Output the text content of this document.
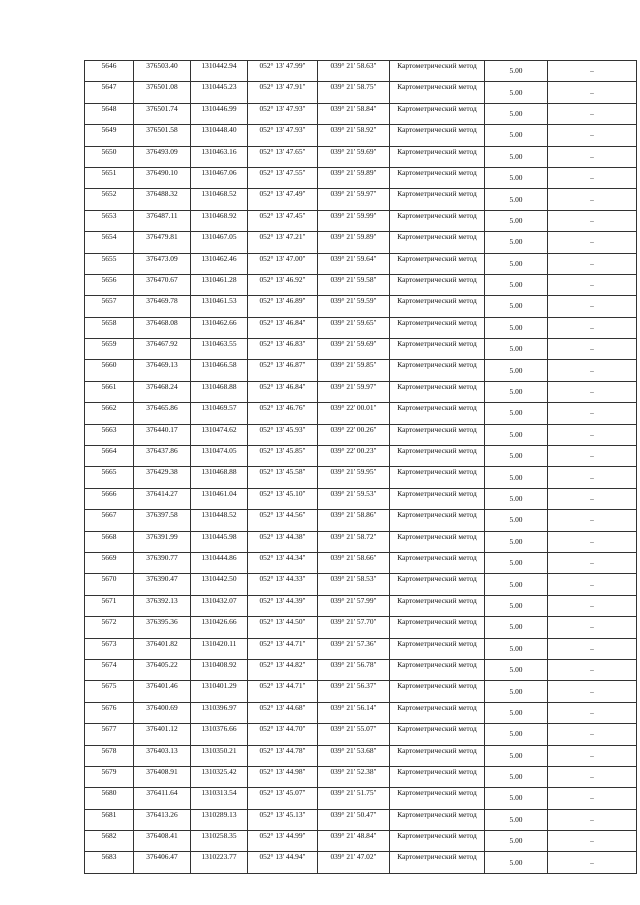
5646	376503.40	1310442.94	052° 13' 47.99"	039° 21' 58.63"	Картометрический метод	5.00	–
5647	376501.08	1310445.23	052° 13' 47.91"	039° 21' 58.75"	Картометрический метод	5.00	–
5648	376501.74	1310446.99	052° 13' 47.93"	039° 21' 58.84"	Картометрический метод	5.00	–
5649	376501.58	1310448.40	052° 13' 47.93"	039° 21' 58.92"	Картометрический метод	5.00	–
5650	376493.09	1310463.16	052° 13' 47.65"	039° 21' 59.69"	Картометрический метод	5.00	–
5651	376490.10	1310467.06	052° 13' 47.55"	039° 21' 59.89"	Картометрический метод	5.00	–
5652	376488.32	1310468.52	052° 13' 47.49"	039° 21' 59.97"	Картометрический метод	5.00	–
5653	376487.11	1310468.92	052° 13' 47.45"	039° 21' 59.99"	Картометрический метод	5.00	–
5654	376479.81	1310467.05	052° 13' 47.21"	039° 21' 59.89"	Картометрический метод	5.00	–
5655	376473.09	1310462.46	052° 13' 47.00"	039° 21' 59.64"	Картометрический метод	5.00	–
5656	376470.67	1310461.28	052° 13' 46.92"	039° 21' 59.58"	Картометрический метод	5.00	–
5657	376469.78	1310461.53	052° 13' 46.89"	039° 21' 59.59"	Картометрический метод	5.00	–
5658	376468.08	1310462.66	052° 13' 46.84"	039° 21' 59.65"	Картометрический метод	5.00	–
5659	376467.92	1310463.55	052° 13' 46.83"	039° 21' 59.69"	Картометрический метод	5.00	–
5660	376469.13	1310466.58	052° 13' 46.87"	039° 21' 59.85"	Картометрический метод	5.00	–
5661	376468.24	1310468.88	052° 13' 46.84"	039° 21' 59.97"	Картометрический метод	5.00	–
5662	376465.86	1310469.57	052° 13' 46.76"	039° 22' 00.01"	Картометрический метод	5.00	–
5663	376440.17	1310474.62	052° 13' 45.93"	039° 22' 00.26"	Картометрический метод	5.00	–
5664	376437.86	1310474.05	052° 13' 45.85"	039° 22' 00.23"	Картометрический метод	5.00	–
5665	376429.38	1310468.88	052° 13' 45.58"	039° 21' 59.95"	Картометрический метод	5.00	–
5666	376414.27	1310461.04	052° 13' 45.10"	039° 21' 59.53"	Картометрический метод	5.00	–
5667	376397.58	1310448.52	052° 13' 44.56"	039° 21' 58.86"	Картометрический метод	5.00	–
5668	376391.99	1310445.98	052° 13' 44.38"	039° 21' 58.72"	Картометрический метод	5.00	–
5669	376390.77	1310444.86	052° 13' 44.34"	039° 21' 58.66"	Картометрический метод	5.00	–
5670	376390.47	1310442.50	052° 13' 44.33"	039° 21' 58.53"	Картометрический метод	5.00	–
5671	376392.13	1310432.07	052° 13' 44.39"	039° 21' 57.99"	Картометрический метод	5.00	–
5672	376395.36	1310426.66	052° 13' 44.50"	039° 21' 57.70"	Картометрический метод	5.00	–
5673	376401.82	1310420.11	052° 13' 44.71"	039° 21' 57.36"	Картометрический метод	5.00	–
5674	376405.22	1310408.92	052° 13' 44.82"	039° 21' 56.78"	Картометрический метод	5.00	–
5675	376401.46	1310401.29	052° 13' 44.71"	039° 21' 56.37"	Картометрический метод	5.00	–
5676	376400.69	1310396.97	052° 13' 44.68"	039° 21' 56.14"	Картометрический метод	5.00	–
5677	376401.12	1310376.66	052° 13' 44.70"	039° 21' 55.07"	Картометрический метод	5.00	–
5678	376403.13	1310350.21	052° 13' 44.78"	039° 21' 53.68"	Картометрический метод	5.00	–
5679	376408.91	1310325.42	052° 13' 44.98"	039° 21' 52.38"	Картометрический метод	5.00	–
5680	376411.64	1310313.54	052° 13' 45.07"	039° 21' 51.75"	Картометрический метод	5.00	–
5681	376413.26	1310289.13	052° 13' 45.13"	039° 21' 50.47"	Картометрический метод	5.00	–
5682	376408.41	1310258.35	052° 13' 44.99"	039° 21' 48.84"	Картометрический метод	5.00	–
5683	376406.47	1310223.77	052° 13' 44.94"	039° 21' 47.02"	Картометрический метод	5.00	–
